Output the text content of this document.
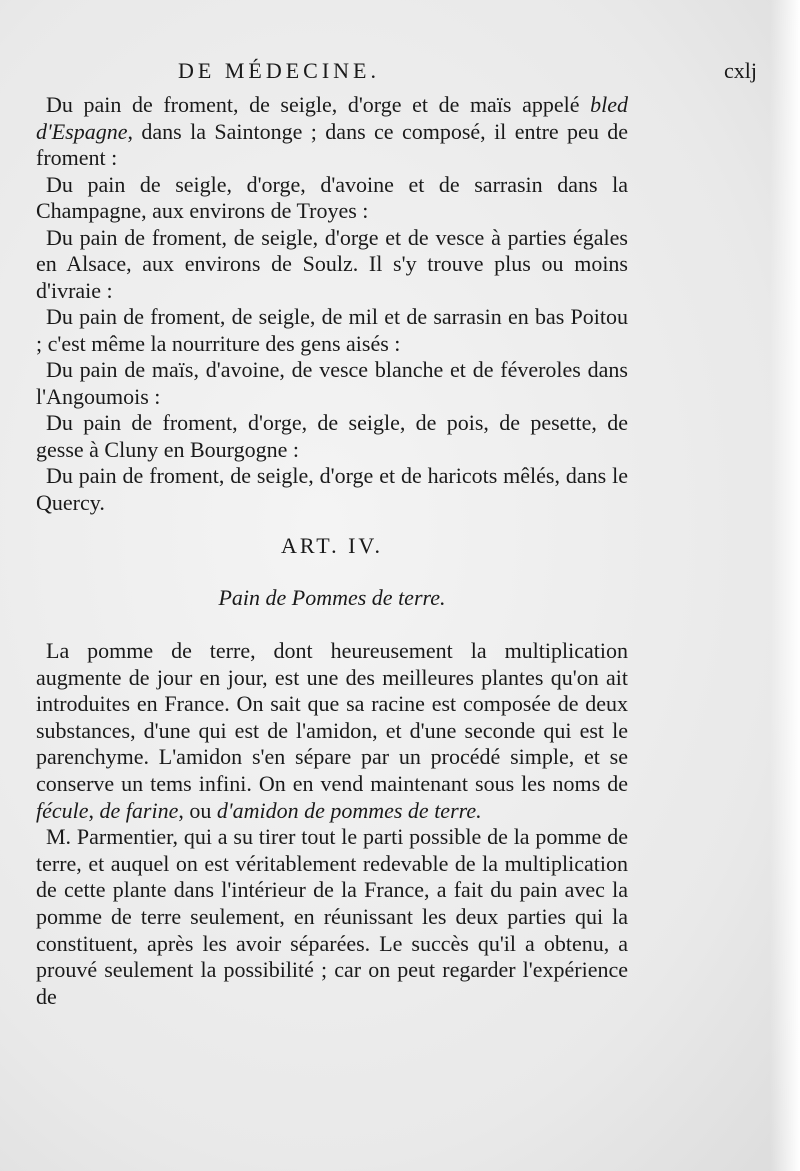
DE MÉDECINE.	cxlj

Du pain de froment, de seigle, d'orge et de maïs appelé bled d'Espagne, dans la Saintonge ; dans ce composé, il entre peu de froment :

Du pain de seigle, d'orge, d'avoine et de sarrasin dans la Champagne, aux environs de Troyes :

Du pain de froment, de seigle, d'orge et de vesce à parties égales en Alsace, aux environs de Soulz. Il s'y trouve plus ou moins d'ivraie :

Du pain de froment, de seigle, de mil et de sarrasin en bas Poitou ; c'est même la nourriture des gens aisés :

Du pain de maïs, d'avoine, de vesce blanche et de féveroles dans l'Angoumois :

Du pain de froment, d'orge, de seigle, de pois, de pesette, de gesse à Cluny en Bourgogne :

Du pain de froment, de seigle, d'orge et de haricots mêlés, dans le Quercy.

ART. IV.
Pain de Pommes de terre.

La pomme de terre, dont heureusement la multiplication augmente de jour en jour, est une des meilleures plantes qu'on ait introduites en France. On sait que sa racine est composée de deux substances, d'une qui est de l'amidon, et d'une seconde qui est le parenchyme. L'amidon s'en sépare par un procédé simple, et se conserve un tems infini. On en vend maintenant sous les noms de fécule, de farine, ou d'amidon de pommes de terre.

M. Parmentier, qui a su tirer tout le parti possible de la pomme de terre, et auquel on est véritablement redevable de la multiplication de cette plante dans l'intérieur de la France, a fait du pain avec la pomme de terre seulement, en réunissant les deux parties qui la constituent, après les avoir séparées. Le succès qu'il a obtenu, a prouvé seulement la possibilité ; car on peut regarder l'expérience de
